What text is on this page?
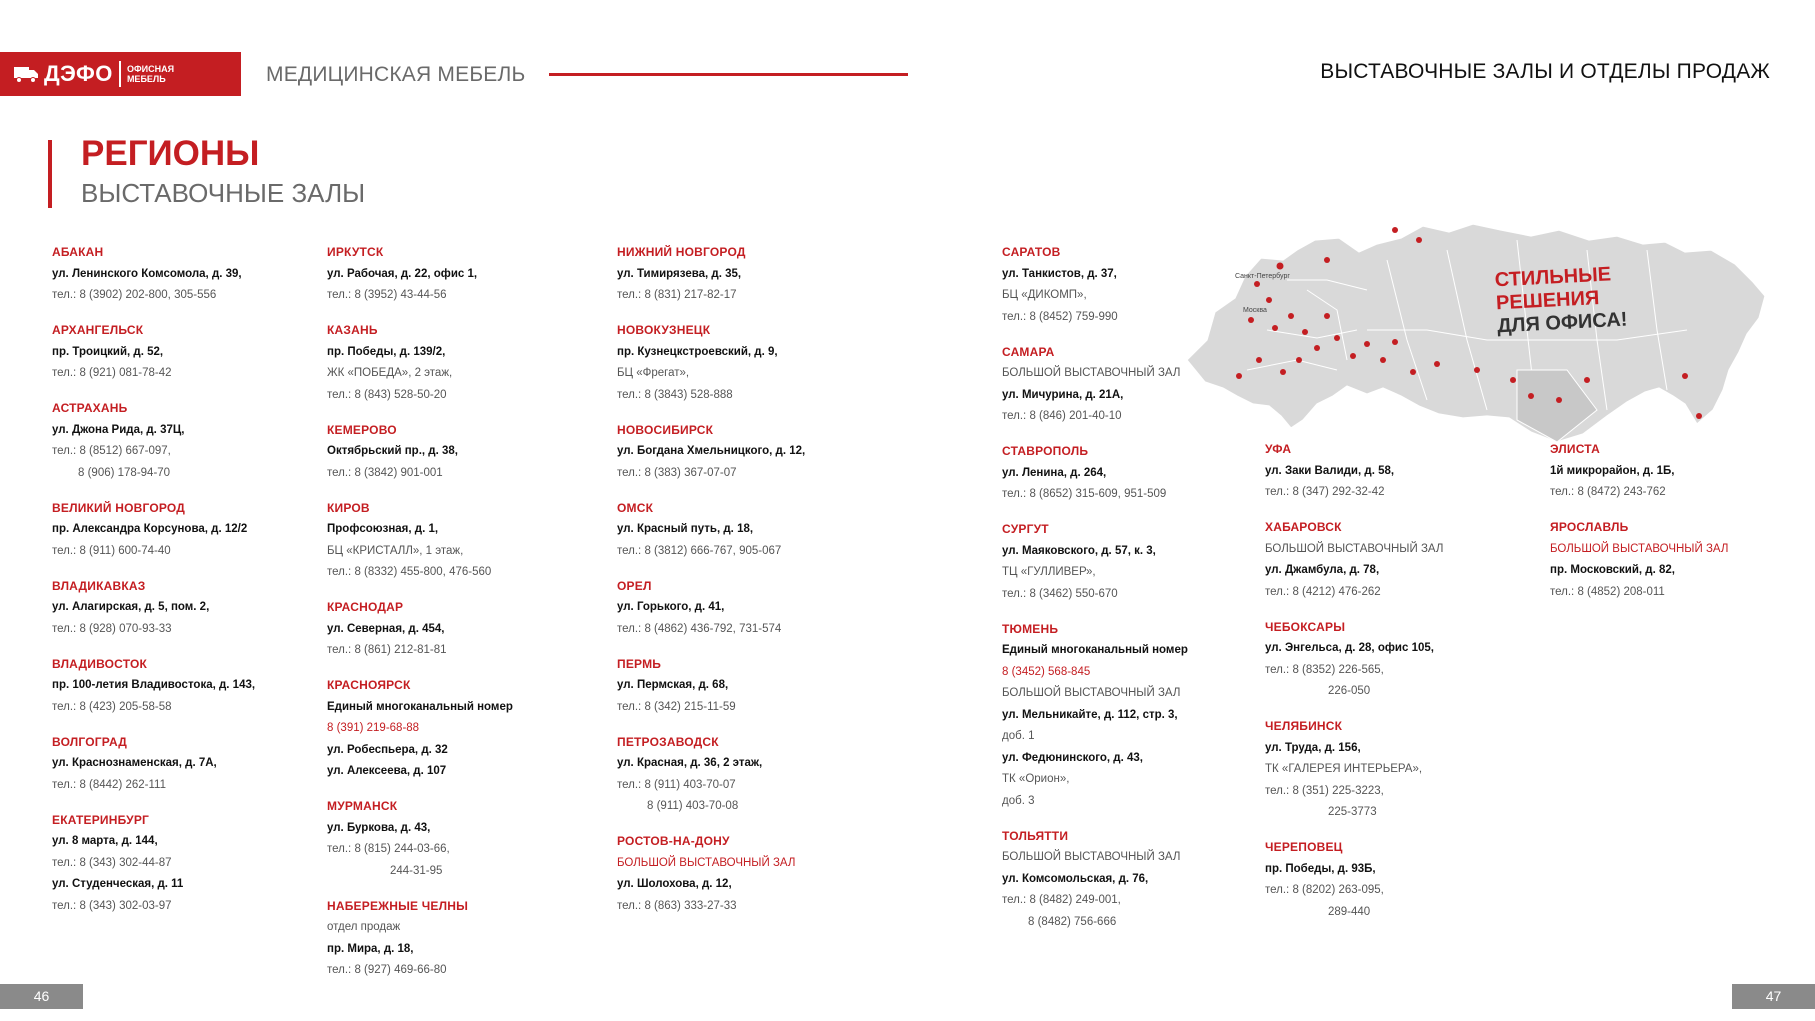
ДЭФО ОФИСНАЯ МЕБЕЛЬ	МЕДИЦИНСКАЯ МЕБЕЛЬ	ВЫСТАВОЧНЫЕ ЗАЛЫ И ОТДЕЛЫ ПРОДАЖ
РЕГИОНЫ
ВЫСТАВОЧНЫЕ ЗАЛЫ
АБАКАН
ул. Ленинского Комсомола, д. 39,
тел.: 8 (3902) 202-800, 305-556
АРХАНГЕЛЬСК
пр. Троицкий, д. 52,
тел.: 8 (921) 081-78-42
АСТРАХАНЬ
ул. Джона Рида, д. 37Ц,
тел.: 8 (8512) 667-097,
8 (906) 178-94-70
ВЕЛИКИЙ НОВГОРОД
пр. Александра Корсунова, д. 12/2
тел.: 8 (911) 600-74-40
ВЛАДИКАВКАЗ
ул. Алагирская, д. 5, пом. 2,
тел.: 8 (928) 070-93-33
ВЛАДИВОСТОК
пр. 100-летия Владивостока, д. 143,
тел.: 8 (423) 205-58-58
ВОЛГОГРАД
ул. Краснознаменская, д. 7А,
тел.: 8 (8442) 262-111
ЕКАТЕРИНБУРГ
ул. 8 марта, д. 144,
тел.: 8 (343) 302-44-87
ул. Студенческая, д. 11
тел.: 8 (343) 302-03-97
ИРКУТСК
ул. Рабочая, д. 22, офис 1,
тел.: 8 (3952) 43-44-56
КАЗАНЬ
пр. Победы, д. 139/2,
ЖК «ПОБЕДА», 2 этаж,
тел.: 8 (843) 528-50-20
КЕМЕРОВО
Октябрьский пр., д. 38,
тел.: 8 (3842) 901-001
КИРОВ
Профсоюзная, д. 1,
БЦ «КРИСТАЛЛ», 1 этаж,
тел.: 8 (8332) 455-800, 476-560
КРАСНОДАР
ул. Северная, д. 454,
тел.: 8 (861) 212-81-81
КРАСНОЯРСК
Единый многоканальный номер
8 (391) 219-68-88
ул. Робеспьера, д. 32
ул. Алексеева, д. 107
МУРМАНСК
ул. Буркова, д. 43,
тел.: 8 (815) 244-03-66,
244-31-95
НАБЕРЕЖНЫЕ ЧЕЛНЫ
отдел продаж
пр. Мира, д. 18,
тел.: 8 (927) 469-66-80
НИЖНИЙ НОВГОРОД
ул. Тимирязева, д. 35,
тел.: 8 (831) 217-82-17
НОВОКУЗНЕЦК
пр. Кузнецкстроевский, д. 9,
БЦ «Фрегат»,
тел.: 8 (3843) 528-888
НОВОСИБИРСК
ул. Богдана Хмельницкого, д. 12,
тел.: 8 (383) 367-07-07
ОМСК
ул. Красный путь, д. 18,
тел.: 8 (3812) 666-767, 905-067
ОРЕЛ
ул. Горького, д. 41,
тел.: 8 (4862) 436-792, 731-574
ПЕРМЬ
ул. Пермская, д. 68,
тел.: 8 (342) 215-11-59
ПЕТРОЗАВОДСК
ул. Красная, д. 36, 2 этаж,
тел.: 8 (911) 403-70-07
8 (911) 403-70-08
РОСТОВ-НА-ДОНУ
БОЛЬШОЙ ВЫСТАВОЧНЫЙ ЗАЛ
ул. Шолохова, д. 12,
тел.: 8 (863) 333-27-33
САРАТОВ
ул. Танкистов, д. 37,
БЦ «ДИКОМП»,
тел.: 8 (8452) 759-990
САМАРА
БОЛЬШОЙ ВЫСТАВОЧНЫЙ ЗАЛ
ул. Мичурина, д. 21А,
тел.: 8 (846) 201-40-10
СТАВРОПОЛЬ
ул. Ленина, д. 264,
тел.: 8 (8652) 315-609, 951-509
СУРГУТ
ул. Маяковского, д. 57, к. 3,
ТЦ «ГУЛЛИВЕР»,
тел.: 8 (3462) 550-670
ТЮМЕНЬ
Единый многоканальный номер
8 (3452) 568-845
БОЛЬШОЙ ВЫСТАВОЧНЫЙ ЗАЛ
ул. Мельникайте, д. 112, стр. 3,
доб. 1
ул. Федюнинского, д. 43,
ТК «Орион»,
доб. 3
ТОЛЬЯТТИ
БОЛЬШОЙ ВЫСТАВОЧНЫЙ ЗАЛ
ул. Комсомольская, д. 76,
тел.: 8 (8482) 249-001,
8 (8482) 756-666
Санкт-Петербург
Москва
СТИЛЬНЫЕ
РЕШЕНИЯ
ДЛЯ ОФИСА!
УФА
ул. Заки Валиди, д. 58,
тел.: 8 (347) 292-32-42
ХАБАРОВСК
БОЛЬШОЙ ВЫСТАВОЧНЫЙ ЗАЛ
ул. Джамбула, д. 78,
тел.: 8 (4212) 476-262
ЧЕБОКСАРЫ
ул. Энгельса, д. 28, офис 105,
тел.: 8 (8352) 226-565,
226-050
ЧЕЛЯБИНСК
ул. Труда, д. 156,
ТК «ГАЛЕРЕЯ ИНТЕРЬЕРА»,
тел.: 8 (351) 225-3223,
225-3773
ЧЕРЕПОВЕЦ
пр. Победы, д. 93Б,
тел.: 8 (8202) 263-095,
289-440
ЭЛИСТА
1й микрорайон, д. 1Б,
тел.: 8 (8472) 243-762
ЯРОСЛАВЛЬ
БОЛЬШОЙ ВЫСТАВОЧНЫЙ ЗАЛ
пр. Московский, д. 82,
тел.: 8 (4852) 208-011
46	47
